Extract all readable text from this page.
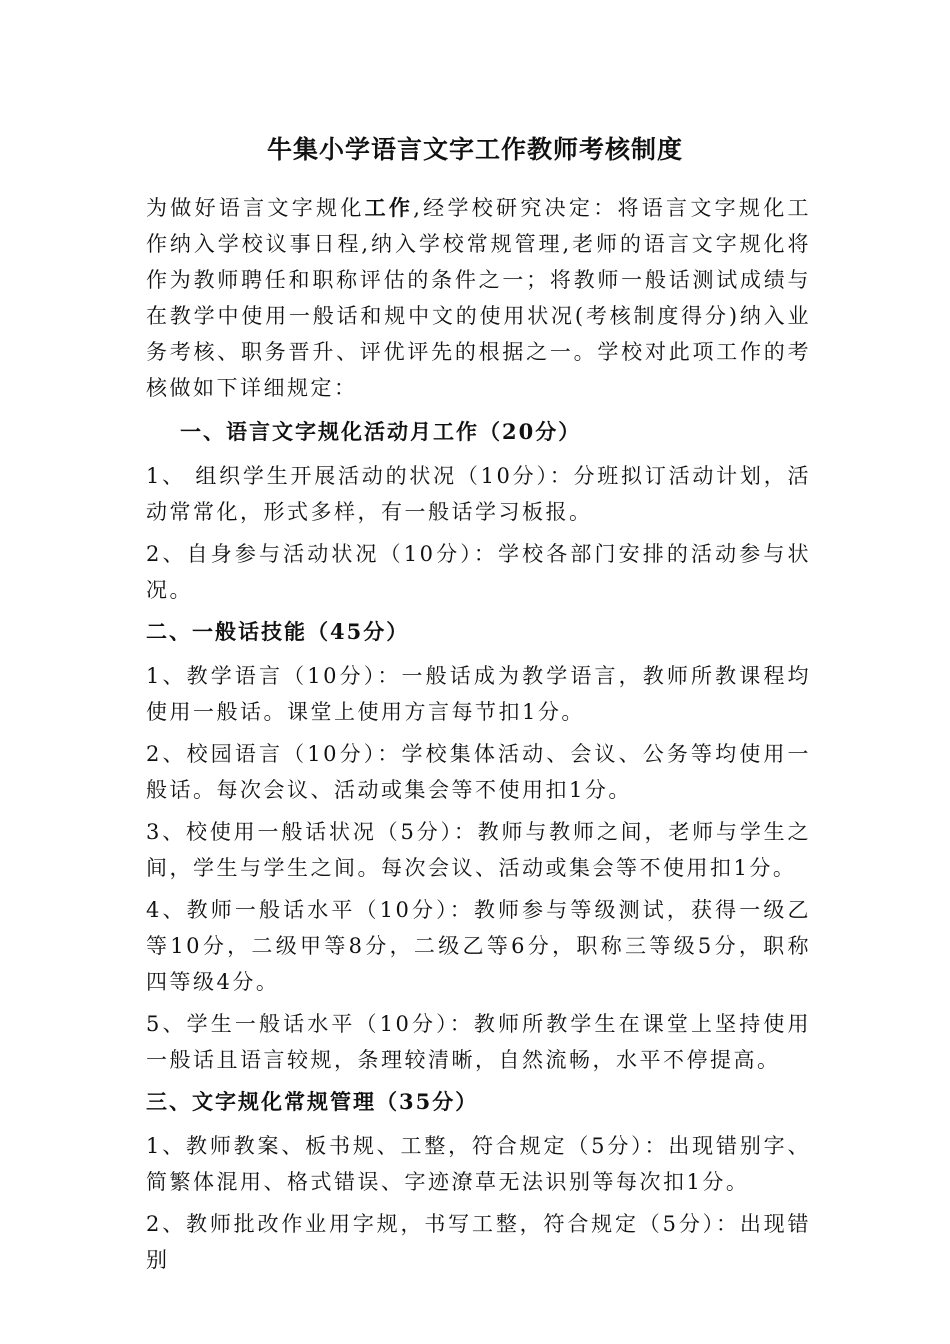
牛集小学语言文字工作教师考核制度

为做好语言文字规化工作,经学校研究决定：将语言文字规化工作纳入学校议事日程,纳入学校常规管理,老师的语言文字规化将作为教师聘任和职称评估的条件之一；将教师一般话测试成绩与在教学中使用一般话和规中文的使用状况(考核制度得分)纳入业务考核、职务晋升、评优评先的根据之一。学校对此项工作的考核做如下详细规定：

一、语言文字规化活动月工作（20分）

1、 组织学生开展活动的状况（10分）：分班拟订活动计划，活动常常化，形式多样，有一般话学习板报。

2、自身参与活动状况（10分）：学校各部门安排的活动参与状况。

二、一般话技能（45分）

1、教学语言（10分）：一般话成为教学语言，教师所教课程均使用一般话。课堂上使用方言每节扣1分。

2、校园语言（10分）：学校集体活动、会议、公务等均使用一般话。每次会议、活动或集会等不使用扣1分。

3、校使用一般话状况（5分）：教师与教师之间，老师与学生之间，学生与学生之间。每次会议、活动或集会等不使用扣1分。

4、教师一般话水平（10分）：教师参与等级测试，获得一级乙等10分，二级甲等8分，二级乙等6分，职称三等级5分，职称四等级4分。

5、学生一般话水平（10分）：教师所教学生在课堂上坚持使用一般话且语言较规，条理较清晰，自然流畅，水平不停提高。

三、文字规化常规管理（35分）

1、教师教案、板书规、工整，符合规定（5分）：出现错别字、简繁体混用、格式错误、字迹潦草无法识别等每次扣1分。

2、教师批改作业用字规，书写工整，符合规定（5分）：出现错别
